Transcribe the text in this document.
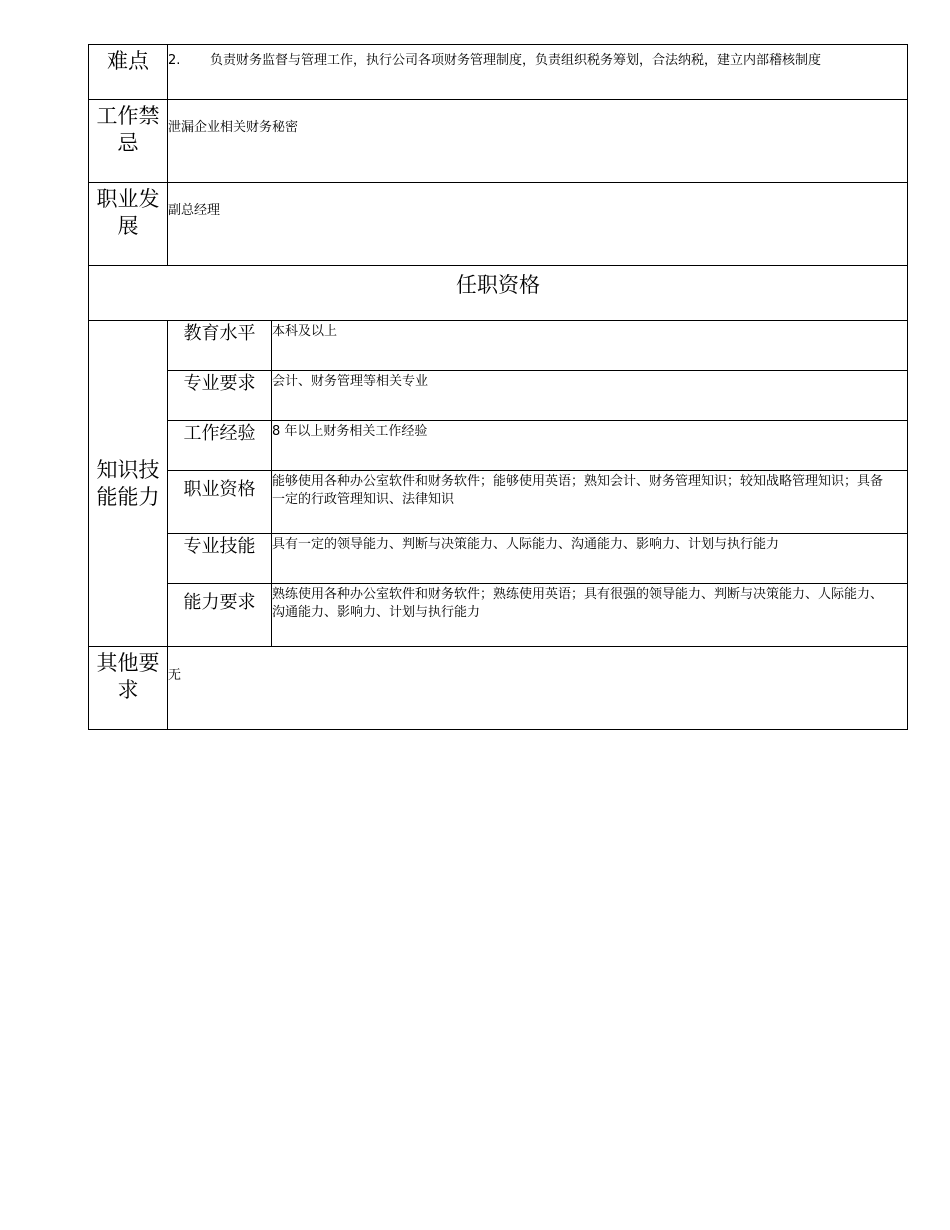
难点	2. 负责财务监督与管理工作，执行公司各项财务管理制度，负责组织税务筹划，合法纳税，建立内部稽核制度	
工作禁忌	泄漏企业相关财务秘密	
职业发展	副总经理	
任职资格		
知识技能能力	教育水平	本科及以上
	专业要求	会计、财务管理等相关专业
	工作经验	8 年以上财务相关工作经验
	职业资格	能够使用各种办公室软件和财务软件；能够使用英语；熟知会计、财务管理知识；较知战略管理知识；具备一定的行政管理知识、法律知识
	专业技能	具有一定的领导能力、判断与决策能力、人际能力、沟通能力、影响力、计划与执行能力
	能力要求	熟练使用各种办公室软件和财务软件；熟练使用英语；具有很强的领导能力、判断与决策能力、人际能力、沟通能力、影响力、计划与执行能力
其他要求	无	
